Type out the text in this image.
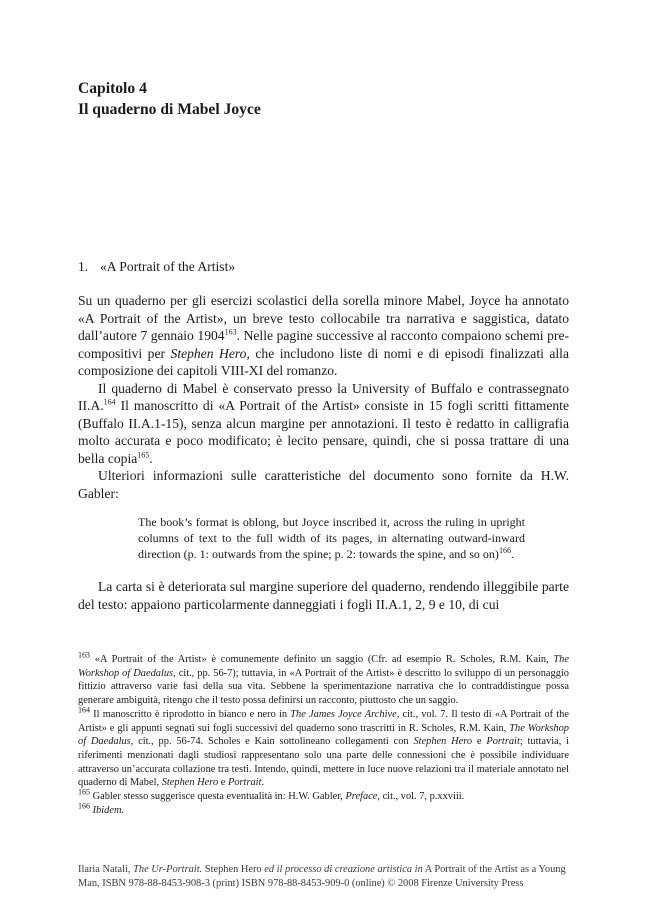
Capitolo 4
Il quaderno di Mabel Joyce
1. «A Portrait of the Artist»

Su un quaderno per gli esercizi scolastici della sorella minore Mabel, Joyce ha annotato «A Portrait of the Artist», un breve testo collocabile tra narrativa e saggistica, datato dall’autore 7 gennaio 1904$^{163}$. Nelle pagine successive al racconto compaiono schemi pre-compositivi per Stephen Hero, che includono liste di nomi e di episodi finalizzati alla composizione dei capitoli VIII-XI del romanzo.

Il quaderno di Mabel è conservato presso la University of Buffalo e contrassegnato II.A.$^{164}$ Il manoscritto di «A Portrait of the Artist» consiste in 15 fogli scritti fittamente (Buffalo II.A.1-15), senza alcun margine per annotazioni. Il testo è redatto in calligrafia molto accurata e poco modificato; è lecito pensare, quindi, che si possa trattare di una bella copia$^{165}$.

Ulteriori informazioni sulle caratteristiche del documento sono fornite da H.W. Gabler:

The book’s format is oblong, but Joyce inscribed it, across the ruling in upright columns of text to the full width of its pages, in alternating outward-inward direction (p. 1: outwards from the spine; p. 2: towards the spine, and so on)$^{166}$.

La carta si è deteriorata sul margine superiore del quaderno, rendendo illeggibile parte del testo: appaiono particolarmente danneggiati i fogli II.A.1, 2, 9 e 10, di cui

$^{163}$ «A Portrait of the Artist» è comunemente definito un saggio (Cfr. ad esempio R. Scholes, R.M. Kain, The Workshop of Daedalus, cit., pp. 56-7); tuttavia, in «A Portrait of the Artist» è descritto lo sviluppo di un personaggio fittizio attraverso varie fasi della sua vita. Sebbene la sperimentazione narrativa che lo contraddistingue possa generare ambiguità, ritengo che il testo possa definirsi un racconto, piuttosto che un saggio.

$^{164}$ Il manoscritto è riprodotto in bianco e nero in The James Joyce Archive, cit., vol. 7. Il testo di «A Portrait of the Artist» e gli appunti segnati sui fogli successivi del quaderno sono trascritti in R. Scholes, R.M. Kain, The Workshop of Daedalus, cit., pp. 56-74. Scholes e Kain sottolineano collegamenti con Stephen Hero e Portrait; tuttavia, i riferimenti menzionati dagli studiosi rappresentano solo una parte delle connessioni che è possibile individuare attraverso un’accurata collazione tra testi. Intendo, quindi, mettere in luce nuove relazioni tra il materiale annotato nel quaderno di Mabel, Stephen Hero e Portrait.

$^{165}$ Gabler stesso suggerisce questa eventualità in: H.W. Gabler, Preface, cit., vol. 7, p.xxviii.

$^{166}$ Ibidem.

Ilaria Natali, The Ur-Portrait. Stephen Hero ed il processo di creazione artistica in A Portrait of the Artist as a Young Man, ISBN 978-88-8453-908-3 (print) ISBN 978-88-8453-909-0 (online) © 2008 Firenze University Press
